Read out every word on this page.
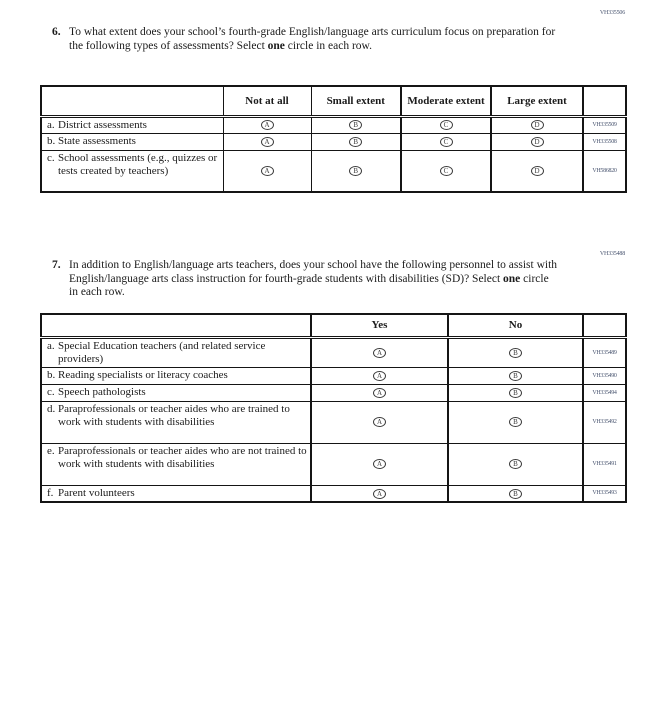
VH335506
6. To what extent does your school’s fourth-grade English/language arts curriculum focus on preparation for the following types of assessments? Select one circle in each row.
	Not at all	Small extent	Moderate extent	Large extent	

a. District assessments	A	B	C	D	VH335509

b. State assessments	A	B	C	D	VH335508

c. School assessments (e.g., quizzes or tests created by teachers)	A	B	C	D	VH586820
VH335488
7. In addition to English/language arts teachers, does your school have the following personnel to assist with English/language arts class instruction for fourth-grade students with disabilities (SD)? Select one circle in each row.
	Yes	No	

a. Special Education teachers (and related service providers)	A	B	VH335489

b. Reading specialists or literacy coaches	A	B	VH335490

c. Speech pathologists	A	B	VH335494

d. Paraprofessionals or teacher aides who are trained to work with students with disabilities	A	B	VH335492

e. Paraprofessionals or teacher aides who are not trained to work with students with disabilities	A	B	VH335491

f. Parent volunteers	A	B	VH335493
